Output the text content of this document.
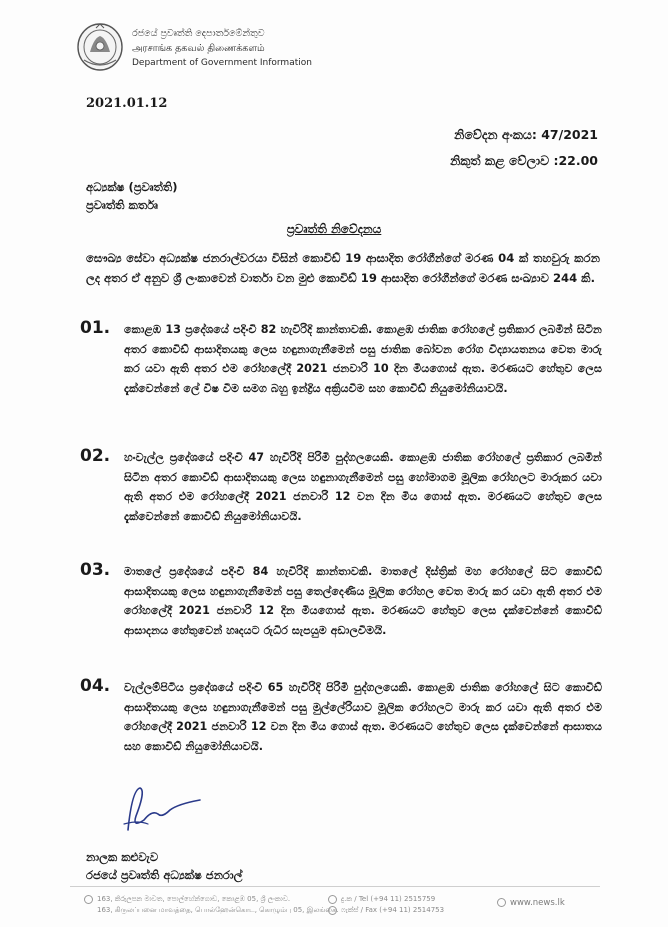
රජයේ ප්‍රවෘත්ති දෙපාර්තමේන්තුව
அரசாங்க தகவல் திணைக்களம்
Department of Government Information
2021.01.12
නිවේදන අංකය: 47/2021
නිකුත් කළ වේලාව :22.00
අධ්‍යක්ෂ (ප්‍රවෘත්ති)
ප්‍රවෘත්ති කර්තෘ
ප්‍රවෘත්ති නිවේදනය
සෞඛ්‍ය සේවා අධ්‍යක්ෂ ජනරාල්වරයා විසින් කොවිඩ් 19 ආසාදිත රෝගීන්ගේ මරණ 04 ක් තහවුරු කරන ලද අතර ඒ අනුව ශ්‍රී ලංකාවෙන් වාර්තා වන මුළු කොවිඩ් 19 ආසාදිත රෝගීන්ගේ මරණ සංඛ්‍යාව 244 කි.
01. කොළඹ 13 ප්‍රදේශයේ පදිංචි 82 හැවිරිදි කාන්තාවකි. කොළඹ ජාතික රෝහලේ ප්‍රතිකාර ලබමින් සිටින අතර කොවිඩ් ආසාදිතයකු ලෙස හඳුනාගැනීමෙන් පසු ජාතික බෝවන රෝග විද්‍යායතනය වෙත මාරු කර යවා ඇති අතර එම රෝහලේදී 2021 ජනවාරි 10 දින මියගොස් ඇත. මරණයට හේතුව ලෙස දැක්වෙන්නේ ලේ විෂ වීම සමග බහු ඉන්ද්‍රිය අක්‍රියවීම සහ කොවිඩ් නියුමෝනියාවයි.
02. හංවැල්ල ප්‍රදේශයේ පදිංචි 47 හැවිරිදි පිරිමි පුද්ගලයෙකි. කොළඹ ජාතික රෝහලේ ප්‍රතිකාර ලබමින් සිටින අතර කොවිඩ් ආසාදිතයකු ලෙස හඳුනාගැනීමෙන් පසු හෝමාගම මූලික රෝහලට මාරුකර යවා ඇති අතර එම රෝහලේදී 2021 ජනවාරි 12 වන දින මිය ගොස් ඇත. මරණයට හේතුව ලෙස දැක්වෙන්නේ කොවිඩ් නියුමෝනියාවයි.
03. මාතලේ ප්‍රදේශයේ පදිංචි 84 හැවිරිදි කාන්තාවකි. මාතලේ දිස්ත්‍රික් මහ රෝහලේ සිට කොවිඩ් ආසාදිතයකු ලෙස හඳුනාගැනීමෙන් පසු තෙල්දෙණිය මූලික රෝහල වෙත මාරු කර යවා ඇති අතර එම රෝහලේදී 2021 ජනවාරි 12 දින මියගොස් ඇත. මරණයට හේතුව ලෙස දැක්වෙන්නේ කොවිඩ් ආසාදනය හේතුවෙන් හෘදයට රුධිර සැපයුම අඩාලවීමයි.
04. වැල්ලම්පිටිය ප්‍රදේශයේ පදිංචි 65 හැවිරිදි පිරිමි පුද්ගලයෙකි. කොළඹ ජාතික රෝහලේ සිට කොවිඩ් ආසාදිතයකු ලෙස හඳුනාගැනීමෙන් පසු මුල්ලේරියාව මූලික රෝහලට මාරු කර යවා ඇති අතර එම රෝහලේදී 2021 ජනවාරි 12 වන දින මිය ගොස් ඇත. මරණයට හේතුව ලෙස දැක්වෙන්නේ ආඝාතය සහ කොවිඩ් නියුමෝනියාවයි.
නාලක කළුවැව
රජයේ ප්‍රවෘත්ති අධ්‍යක්ෂ ජනරාල්
163, කිරුලපන මාවත, පොල්හේන්ගොඩ, කොළඹ 05, ශ්‍රී ලංකාව.
163, கிருலப்பனை மாவத்தை, பொல்ஹேன்கொட, கொழும்பு 05, இலங்கை.
දු.ක / Tel (+94 11) 2515759
ෆැක්ස් / Fax (+94 11) 2514753
www.news.lk
